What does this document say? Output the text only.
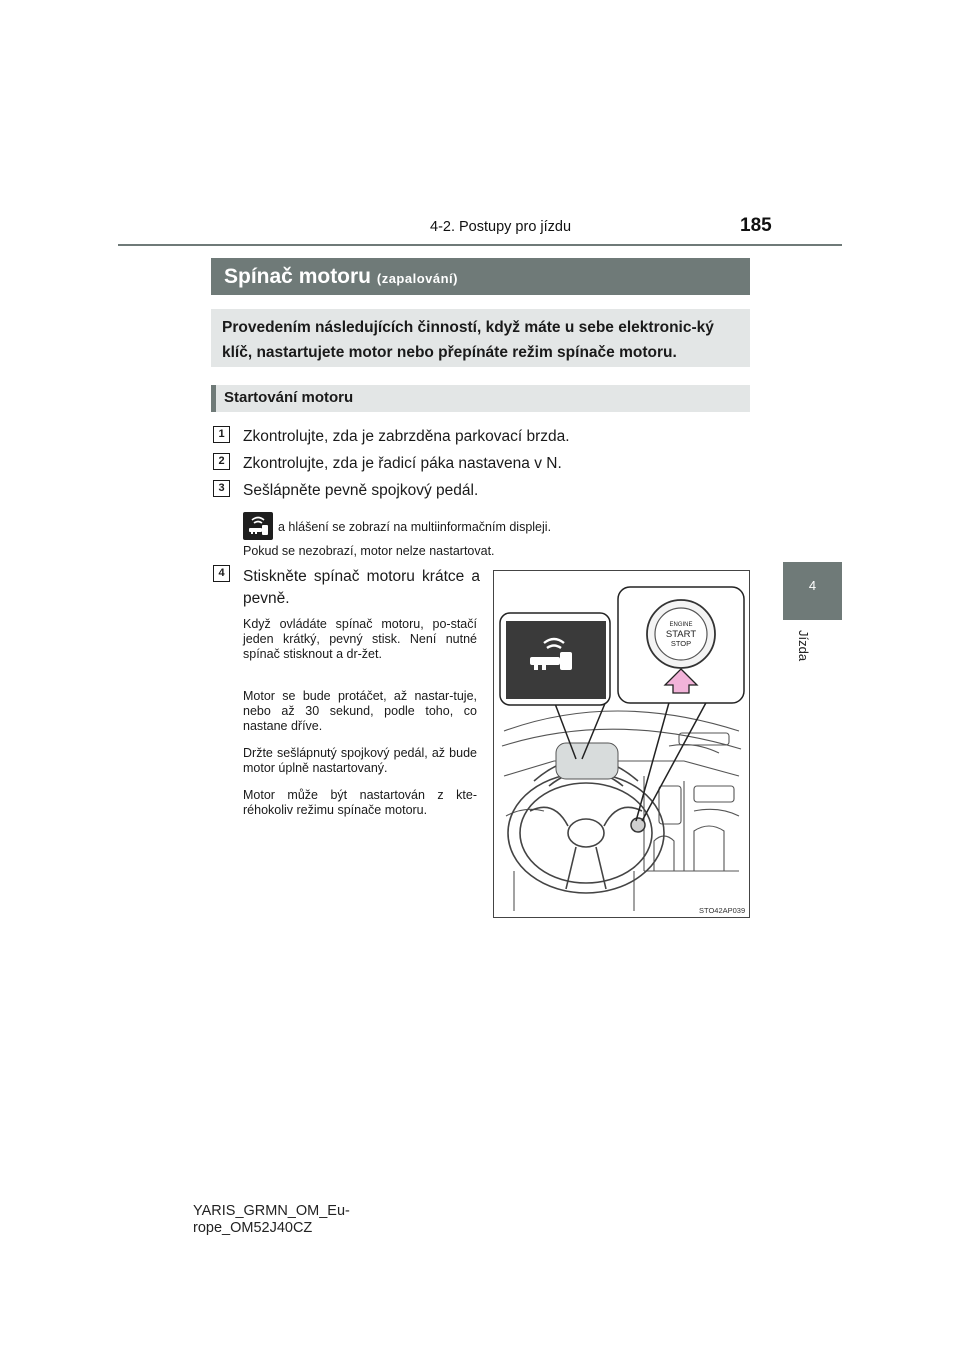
4-2. Postupy pro jízdu	185
4
Jízda
Spínač motoru (zapalování)
Provedením následujících činností, když máte u sebe elektronic-ký klíč, nastartujete motor nebo přepínáte režim spínače motoru.
Startování motoru
1	Zkontrolujte, zda je zabrzděna parkovací brzda.
2	Zkontrolujte, zda je řadicí páka nastavena v N.
3	Sešlápněte pevně spojkový pedál.
a hlášení se zobrazí na multiinformačním displeji.
Pokud se nezobrazí, motor nelze nastartovat.
4	Stiskněte spínač motoru krátce a pevně.
Když ovládáte spínač motoru, po-stačí jeden krátký, pevný stisk. Není nutné spínač stisknout a dr-žet.
Motor se bude protáčet, až nastar-tuje, nebo až 30 sekund, podle toho, co nastane dříve.
Držte sešlápnutý spojkový pedál, až bude motor úplně nastartovaný.
Motor může být nastartován z kte-réhokoliv režimu spínače motoru.
ENGINE
START
STOP
STO42AP039
YARIS_GRMN_OM_Eu-
rope_OM52J40CZ
